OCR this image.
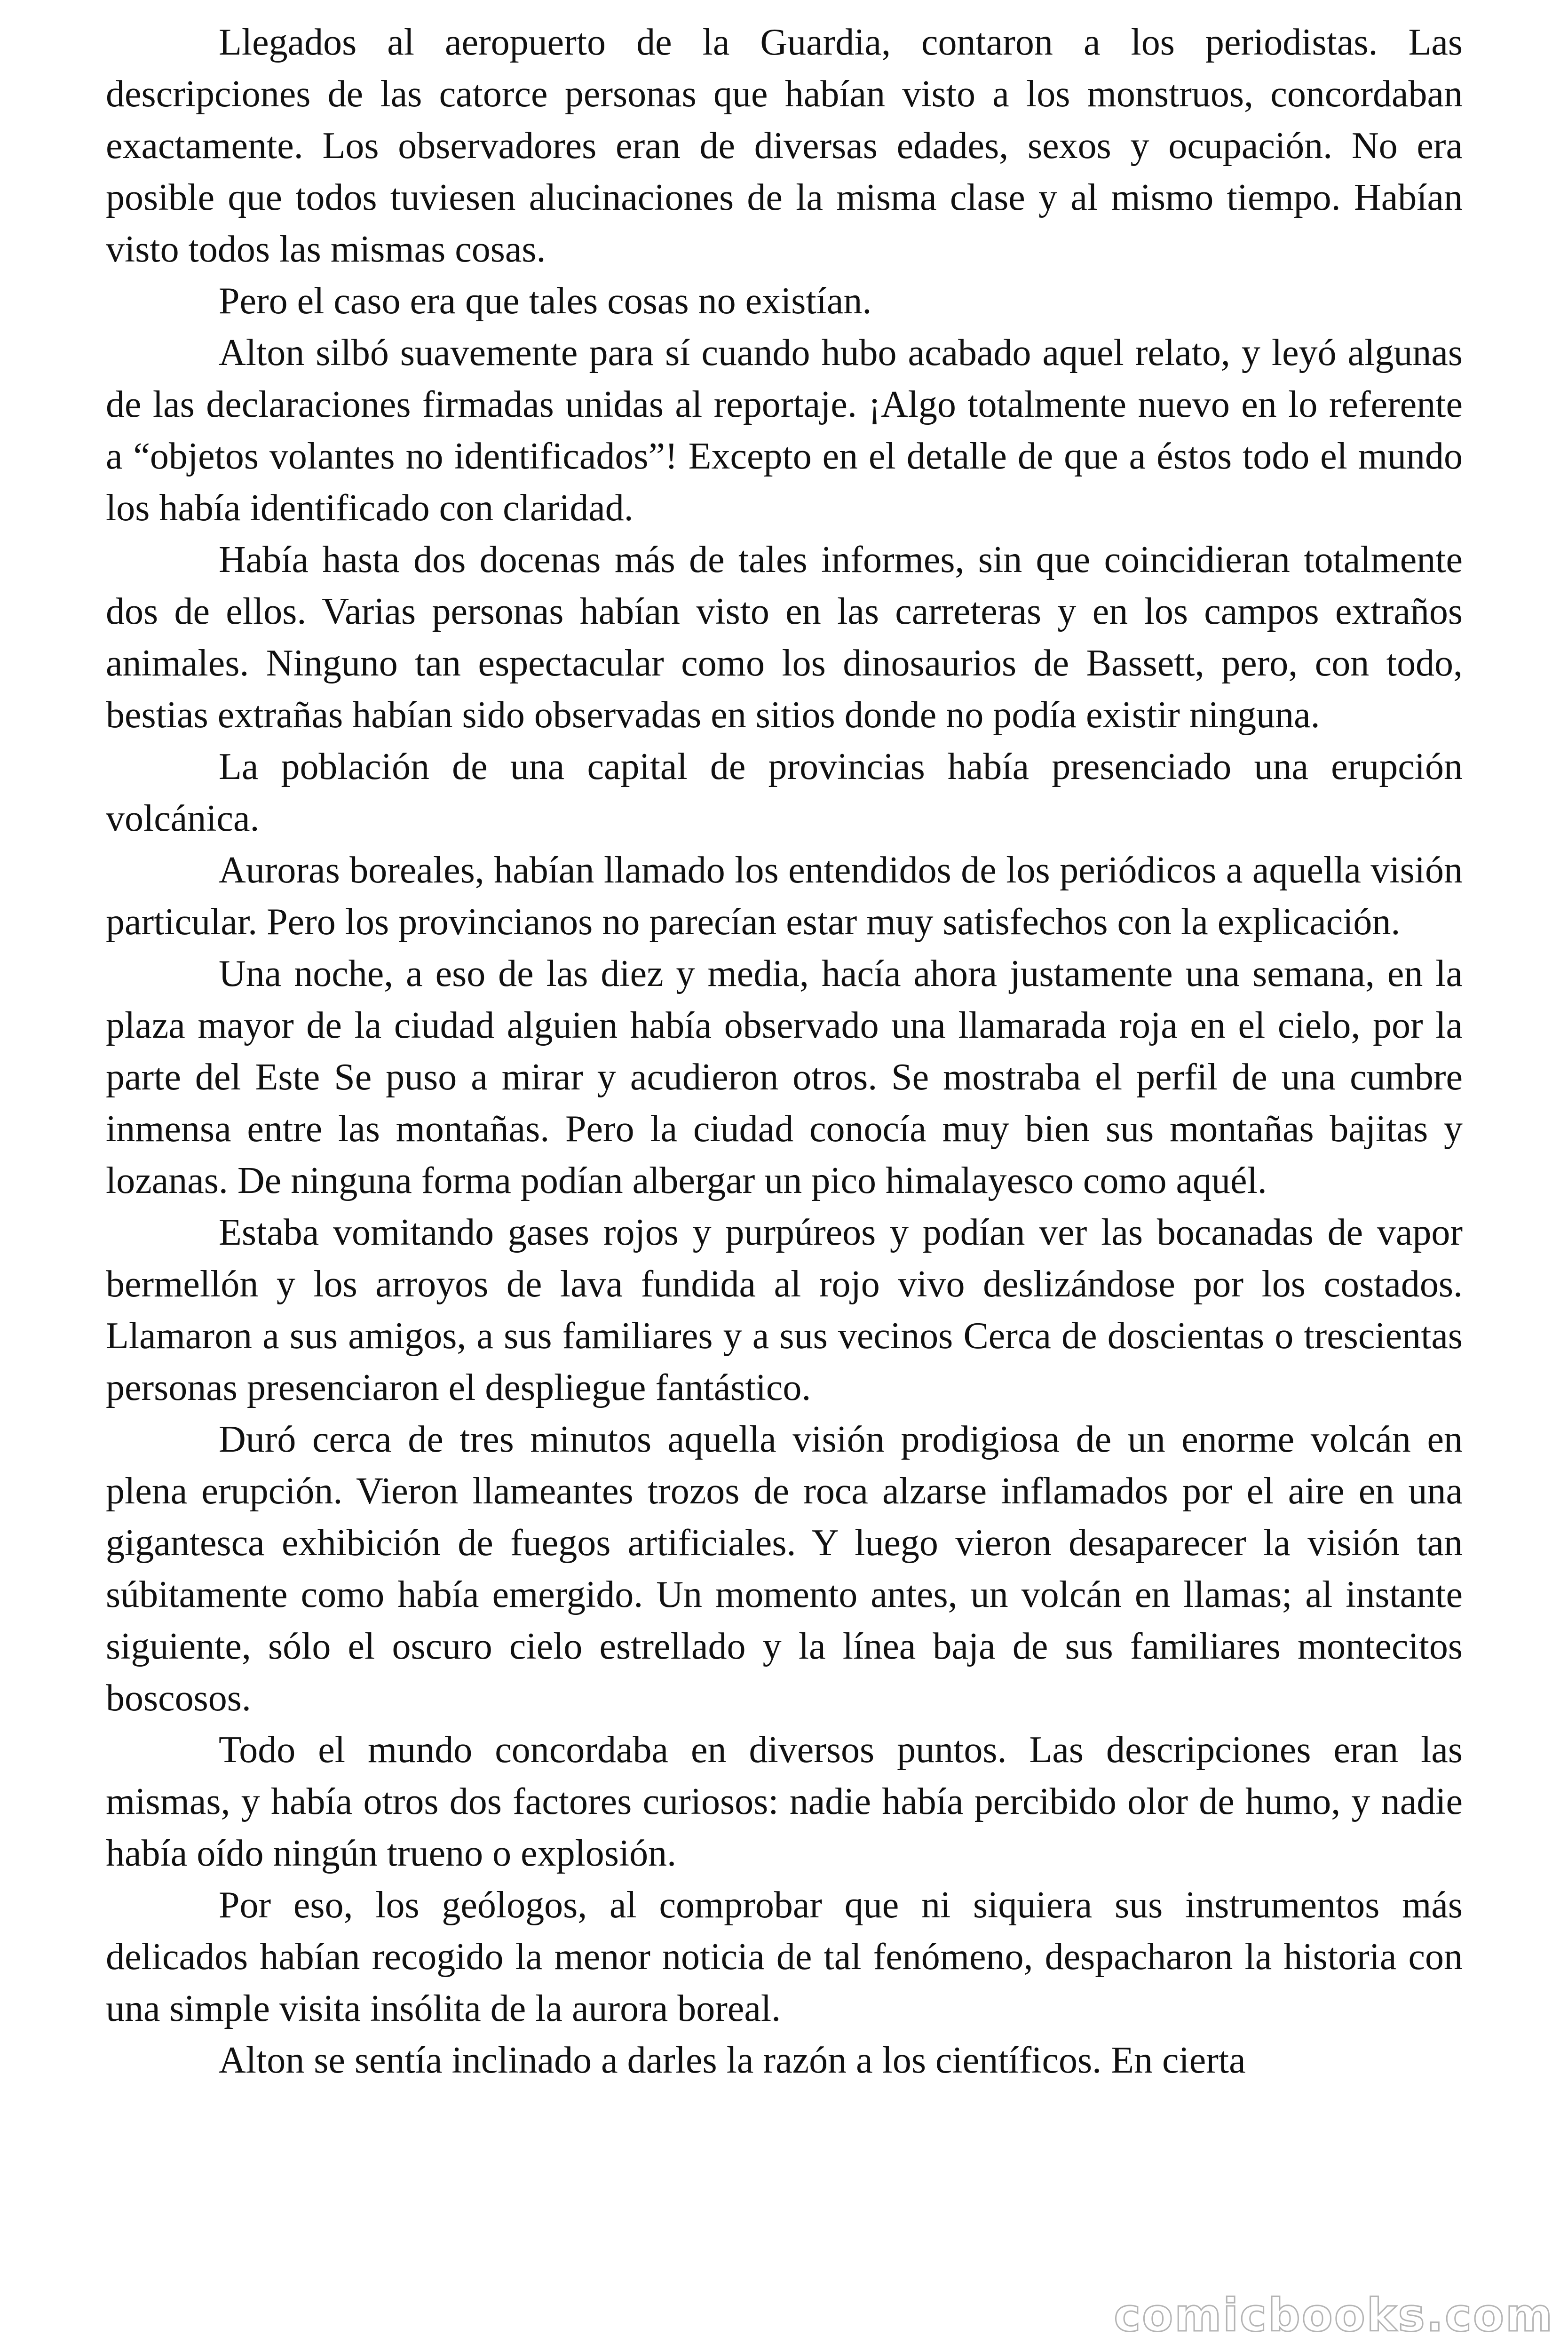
Llegados al aeropuerto de la Guardia, contaron a los periodistas. Las descripciones de las catorce personas que habían visto a los monstruos, concordaban exactamente. Los observadores eran de diversas edades, sexos y ocupación. No era posible que todos tuviesen alucinaciones de la misma clase y al mismo tiempo. Habían visto todos las mismas cosas.

Pero el caso era que tales cosas no existían.

Alton silbó suavemente para sí cuando hubo acabado aquel relato, y leyó algunas de las declaraciones firmadas unidas al reportaje. ¡Algo totalmente nuevo en lo referente a “objetos volantes no identificados”! Excepto en el detalle de que a éstos todo el mundo los había identificado con claridad.

Había hasta dos docenas más de tales informes, sin que coincidieran totalmente dos de ellos. Varias personas habían visto en las carreteras y en los campos extraños animales. Ninguno tan espectacular como los dinosaurios de Bassett, pero, con todo, bestias extrañas habían sido observadas en sitios donde no podía existir ninguna.

La población de una capital de provincias había presenciado una erupción volcánica.

Auroras boreales, habían llamado los entendidos de los periódicos a aquella visión particular. Pero los provincianos no parecían estar muy satisfechos con la explicación.

Una noche, a eso de las diez y media, hacía ahora justamente una semana, en la plaza mayor de la ciudad alguien había observado una llamarada roja en el cielo, por la parte del Este Se puso a mirar y acudieron otros. Se mostraba el perfil de una cumbre inmensa entre las montañas. Pero la ciudad conocía muy bien sus montañas bajitas y lozanas. De ninguna forma podían albergar un pico himalayesco como aquél.

Estaba vomitando gases rojos y purpúreos y podían ver las bocanadas de vapor bermellón y los arroyos de lava fundida al rojo vivo deslizándose por los costados. Llamaron a sus amigos, a sus familiares y a sus vecinos Cerca de doscientas o trescientas personas presenciaron el despliegue fantástico.

Duró cerca de tres minutos aquella visión prodigiosa de un enorme volcán en plena erupción. Vieron llameantes trozos de roca alzarse inflamados por el aire en una gigantesca exhibición de fuegos artificiales. Y luego vieron desaparecer la visión tan súbitamente como había emergido. Un momento antes, un volcán en llamas; al instante siguiente, sólo el oscuro cielo estrellado y la línea baja de sus familiares montecitos boscosos.

Todo el mundo concordaba en diversos puntos. Las descripciones eran las mismas, y había otros dos factores curiosos: nadie había percibido olor de humo, y nadie había oído ningún trueno o explosión.

Por eso, los geólogos, al comprobar que ni siquiera sus instrumentos más delicados habían recogido la menor noticia de tal fenómeno, despacharon la historia con una simple visita insólita de la aurora boreal.

Alton se sentía inclinado a darles la razón a los científicos. En cierta

comicbooks.com
